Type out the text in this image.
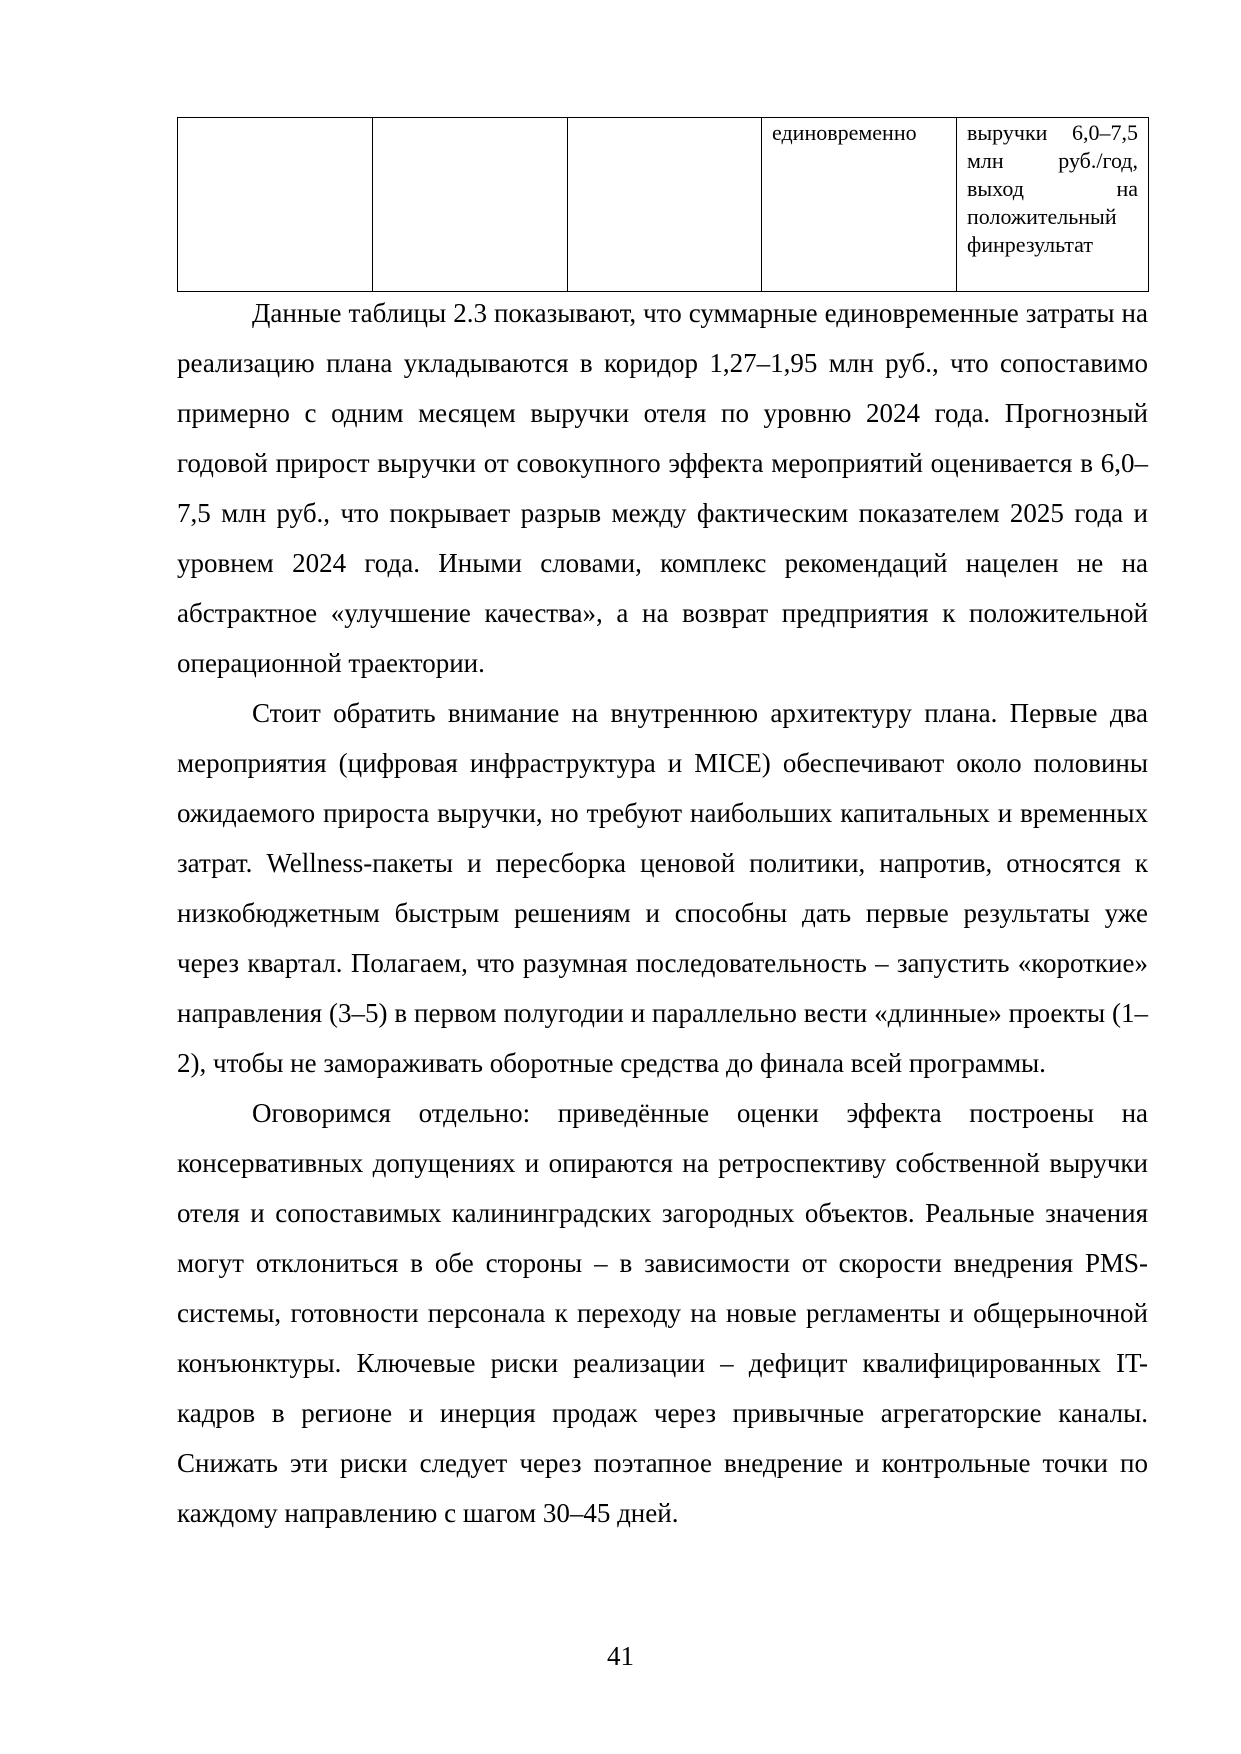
			единовременно	выручки 6,0–7,5 млн руб./год, выход на положительный финрезультат

Данные таблицы 2.3 показывают, что суммарные единовременные затраты на реализацию плана укладываются в коридор 1,27–1,95 млн руб., что сопоставимо примерно с одним месяцем выручки отеля по уровню 2024 года. Прогнозный годовой прирост выручки от совокупного эффекта мероприятий оценивается в 6,0–7,5 млн руб., что покрывает разрыв между фактическим показателем 2025 года и уровнем 2024 года. Иными словами, комплекс рекомендаций нацелен не на абстрактное «улучшение качества», а на возврат предприятия к положительной операционной траектории.

Стоит обратить внимание на внутреннюю архитектуру плана. Первые два мероприятия (цифровая инфраструктура и MICE) обеспечивают около половины ожидаемого прироста выручки, но требуют наибольших капитальных и временных затрат. Wellness-пакеты и пересборка ценовой политики, напротив, относятся к низкобюджетным быстрым решениям и способны дать первые результаты уже через квартал. Полагаем, что разумная последовательность – запустить «короткие» направления (3–5) в первом полугодии и параллельно вести «длинные» проекты (1–2), чтобы не замораживать оборотные средства до финала всей программы.

Оговоримся отдельно: приведённые оценки эффекта построены на консервативных допущениях и опираются на ретроспективу собственной выручки отеля и сопоставимых калининградских загородных объектов. Реальные значения могут отклониться в обе стороны – в зависимости от скорости внедрения PMS-системы, готовности персонала к переходу на новые регламенты и общерыночной конъюнктуры. Ключевые риски реализации – дефицит квалифицированных IT-кадров в регионе и инерция продаж через привычные агрегаторские каналы. Снижать эти риски следует через поэтапное внедрение и контрольные точки по каждому направлению с шагом 30–45 дней.

41
